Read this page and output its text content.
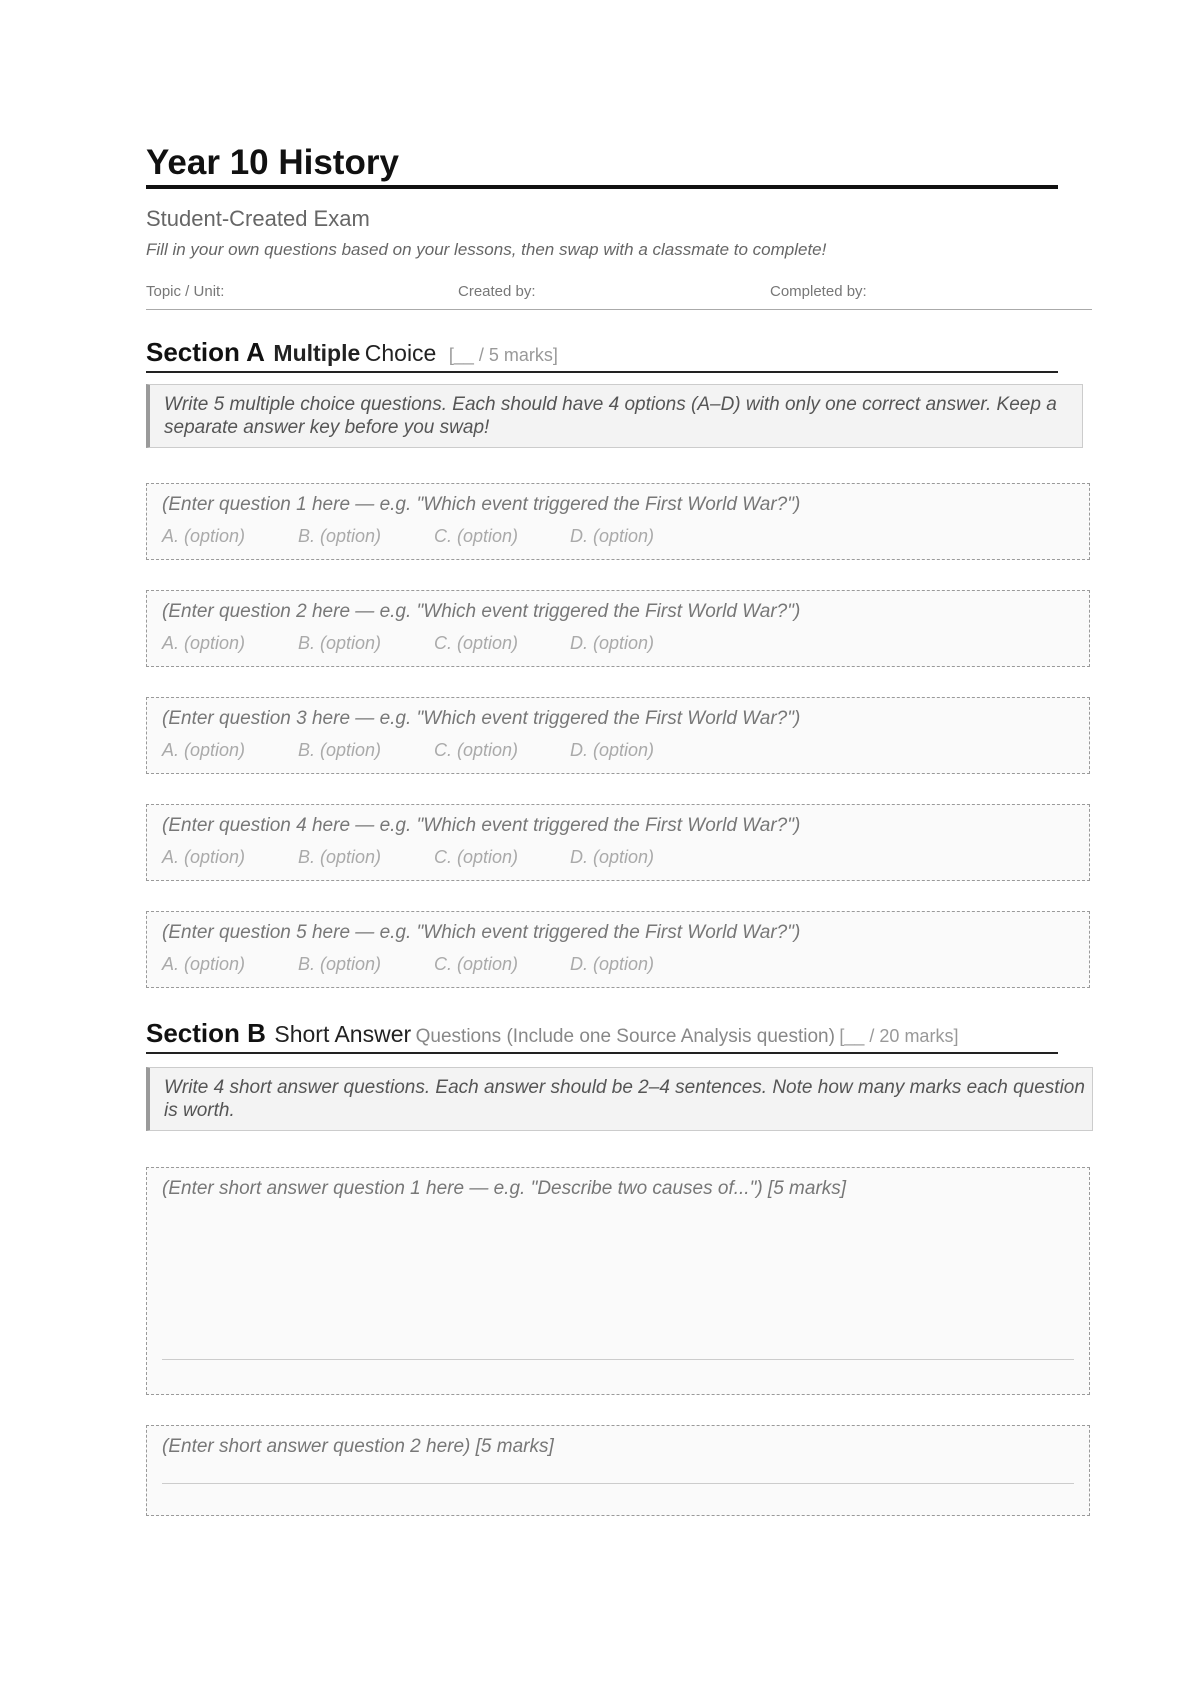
Year 10 History
Student-Created Exam
Fill in your own questions based on your lessons, then swap with a classmate to complete!
Topic / Unit:	Created by:	Completed by:
Section A Multiple Choice [__ / 5 marks]
Write 5 multiple choice questions. Each should have 4 options (A–D) with only one correct answer. Keep a separate answer key before you swap!
(Enter question 1 here — e.g. "Which event triggered the First World War?")
A. (option)	B. (option)	C. (option)	D. (option)
(Enter question 2 here — e.g. "Which event triggered the First World War?")
A. (option)	B. (option)	C. (option)	D. (option)
(Enter question 3 here — e.g. "Which event triggered the First World War?")
A. (option)	B. (option)	C. (option)	D. (option)
(Enter question 4 here — e.g. "Which event triggered the First World War?")
A. (option)	B. (option)	C. (option)	D. (option)
(Enter question 5 here — e.g. "Which event triggered the First World War?")
A. (option)	B. (option)	C. (option)	D. (option)
Section B Short Answer Questions (Include one Source Analysis question) [__ / 20 marks]
Write 4 short answer questions. Each answer should be 2–4 sentences. Note how many marks each question is worth.
(Enter short answer question 1 here — e.g. "Describe two causes of...") [5 marks]
(Enter short answer question 2 here) [5 marks]
